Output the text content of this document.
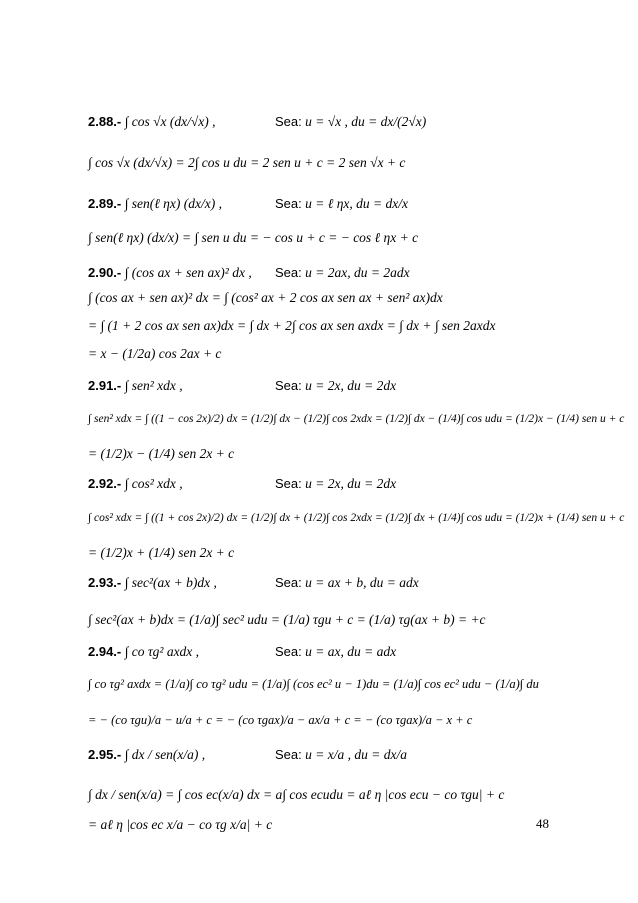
2.88.- ∫ cos √x (dx/√x) ,	Sea: u = √x , du = dx/(2√x)
∫ cos √x (dx/√x) = 2∫ cos u du = 2 sen u + c = 2 sen √x + c
2.89.- ∫ sen(ℓ ηx) (dx/x) ,	Sea: u = ℓ ηx, du = dx/x
∫ sen(ℓ ηx) (dx/x) = ∫ sen u du = − cos u + c = − cos ℓ ηx + c
2.90.- ∫ (cos ax + sen ax)² dx , Sea: u = 2ax, du = 2adx
∫ (cos ax + sen ax)² dx = ∫ (cos² ax + 2 cos ax sen ax + sen² ax)dx
= ∫ (1 + 2 cos ax sen ax)dx = ∫ dx + 2∫ cos ax sen axdx = ∫ dx + ∫ sen 2axdx
= x − (1/2a) cos 2ax + c
2.91.- ∫ sen² xdx ,	Sea: u = 2x, du = 2dx
∫ sen² xdx = ∫ ((1 − cos 2x)/2) dx = (1/2)∫ dx − (1/2)∫ cos 2xdx = (1/2)∫ dx − (1/4)∫ cos udu = (1/2)x − (1/4) sen u + c
= (1/2)x − (1/4) sen 2x + c
2.92.- ∫ cos² xdx ,	Sea: u = 2x, du = 2dx
∫ cos² xdx = ∫ ((1 + cos 2x)/2) dx = (1/2)∫ dx + (1/2)∫ cos 2xdx = (1/2)∫ dx + (1/4)∫ cos udu = (1/2)x + (1/4) sen u + c
= (1/2)x + (1/4) sen 2x + c
2.93.- ∫ sec²(ax + b)dx ,	Sea: u = ax + b, du = adx
∫ sec²(ax + b)dx = (1/a)∫ sec² udu = (1/a) τgu + c = (1/a) τg(ax + b) = +c
2.94.- ∫ co τg² axdx ,	Sea: u = ax, du = adx
∫ co τg² axdx = (1/a)∫ co τg² udu = (1/a)∫ (cos ec² u − 1)du = (1/a)∫ cos ec² udu − (1/a)∫ du
= − (co τgu)/a − u/a + c = − (co τgax)/a − ax/a + c = − (co τgax)/a − x + c
2.95.- ∫ dx / sen(x/a) ,	Sea: u = x/a , du = dx/a
∫ dx / sen(x/a) = ∫ cos ec(x/a) dx = a∫ cos ecudu = aℓ η |cos ecu − co τgu| + c
= aℓ η |cos ec x/a − co τg x/a| + c	48
